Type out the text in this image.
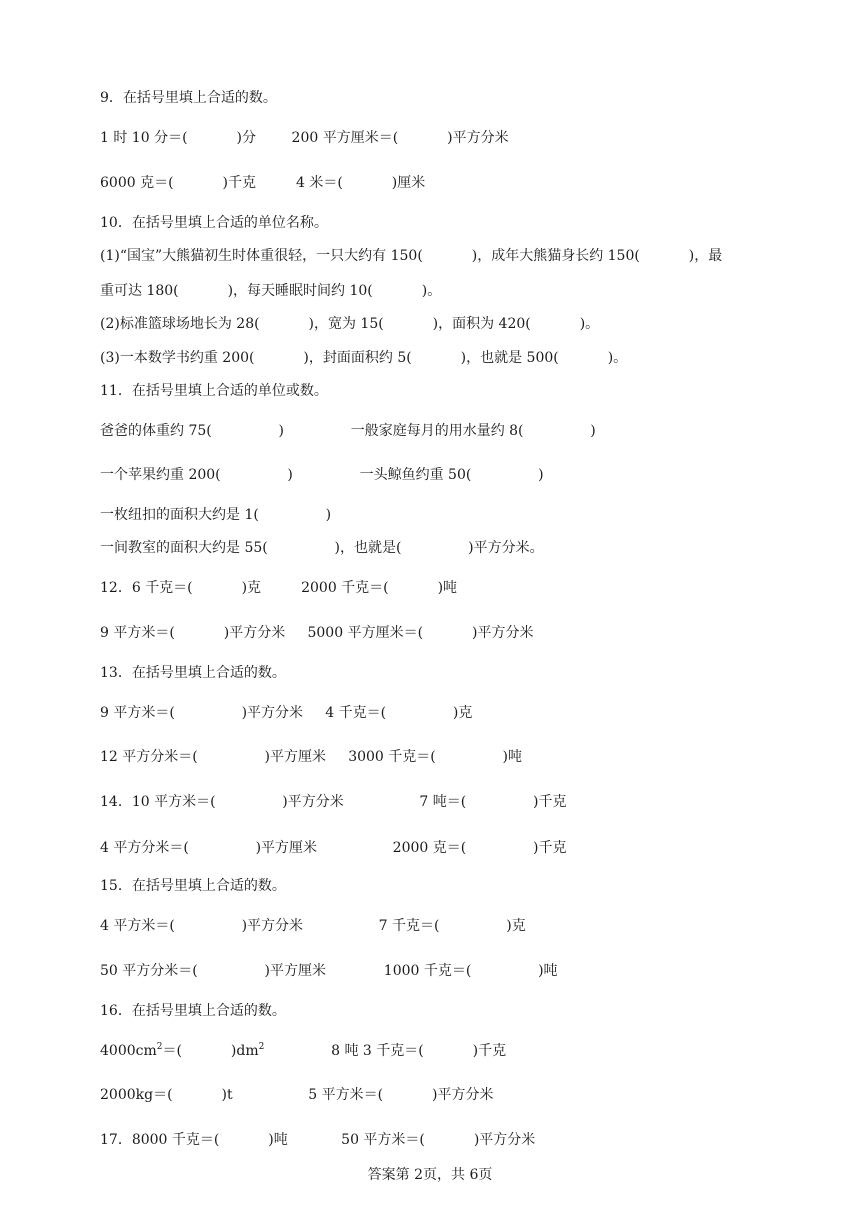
9．在括号里填上合适的数。
1 时 10 分＝(           )分        200 平方厘米＝(           )平方分米
6000 克＝(           )千克         4 米＝(           )厘米
10．在括号里填上合适的单位名称。
(1)“国宝”大熊猫初生时体重很轻，一只大约有 150(           )，成年大熊猫身长约 150(           )，最
重可达 180(           )，每天睡眠时间约 10(           )。
(2)标准篮球场地长为 28(           )，宽为 15(           )，面积为 420(           )。
(3)一本数学书约重 200(           )，封面面积约 5(           )，也就是 500(           )。
11．在括号里填上合适的单位或数。
爸爸的体重约 75(               )               一般家庭每月的用水量约 8(               )
一个苹果约重 200(               )               一头鲸鱼约重 50(               )
一枚纽扣的面积大约是 1(               )
一间教室的面积大约是 55(               )，也就是(               )平方分米。
12．6 千克＝(           )克         2000 千克＝(           )吨
9 平方米＝(           )平方分米     5000 平方厘米＝(           )平方分米
13．在括号里填上合适的数。
9 平方米＝(               )平方分米     4 千克＝(               )克
12 平方分米＝(               )平方厘米     3000 千克＝(               )吨
14．10 平方米＝(               )平方分米                 7 吨＝(               )千克
4 平方分米＝(               )平方厘米                 2000 克＝(               )千克
15．在括号里填上合适的数。
4 平方米＝(               )平方分米                 7 千克＝(               )克
50 平方分米＝(               )平方厘米             1000 千克＝(               )吨
16．在括号里填上合适的数。
$4000cm^2=$(           )$dm^2$               8 吨 3 千克＝(           )千克
2000kg＝(           )t                 5 平方米＝(           )平方分米
17．8000 千克＝(           )吨            50 平方米＝(           )平方分米
答案第 2页，共 6页
